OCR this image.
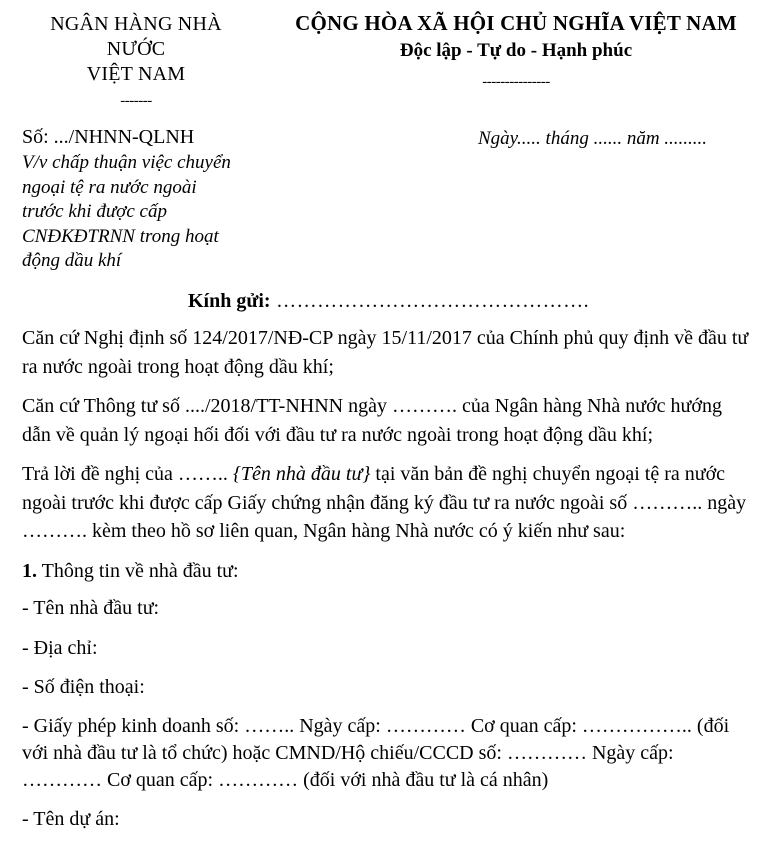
NGÂN HÀNG NHÀ
NƯỚC
VIỆT NAM
-------
CỘNG HÒA XÃ HỘI CHỦ NGHĨA VIỆT NAM
Độc lập - Tự do - Hạnh phúc
---------------
Số: .../NHNN-QLNH
V/v chấp thuận việc chuyển
ngoại tệ ra nước ngoài
trước khi được cấp
CNĐKĐTRNN trong hoạt
động dầu khí
Ngày..... tháng ...... năm .........
Kính gửi: ……………………………………….

Căn cứ Nghị định số 124/2017/NĐ-CP ngày 15/11/2017 của Chính phủ quy định về đầu tư ra nước ngoài trong hoạt động dầu khí;

Căn cứ Thông tư số ..../2018/TT-NHNN ngày ………. của Ngân hàng Nhà nước hướng dẫn về quản lý ngoại hối đối với đầu tư ra nước ngoài trong hoạt động dầu khí;

Trả lời đề nghị của …….. {Tên nhà đầu tư} tại văn bản đề nghị chuyển ngoại tệ ra nước ngoài trước khi được cấp Giấy chứng nhận đăng ký đầu tư ra nước ngoài số ……….. ngày ………. kèm theo hồ sơ liên quan, Ngân hàng Nhà nước có ý kiến như sau:

1. Thông tin về nhà đầu tư:

- Tên nhà đầu tư:

- Địa chỉ:

- Số điện thoại:

- Giấy phép kinh doanh số: …….. Ngày cấp: ………… Cơ quan cấp: …………….. (đối với nhà đầu tư là tổ chức) hoặc CMND/Hộ chiếu/CCCD số: ………… Ngày cấp: ………… Cơ quan cấp: ………… (đối với nhà đầu tư là cá nhân)

- Tên dự án:
